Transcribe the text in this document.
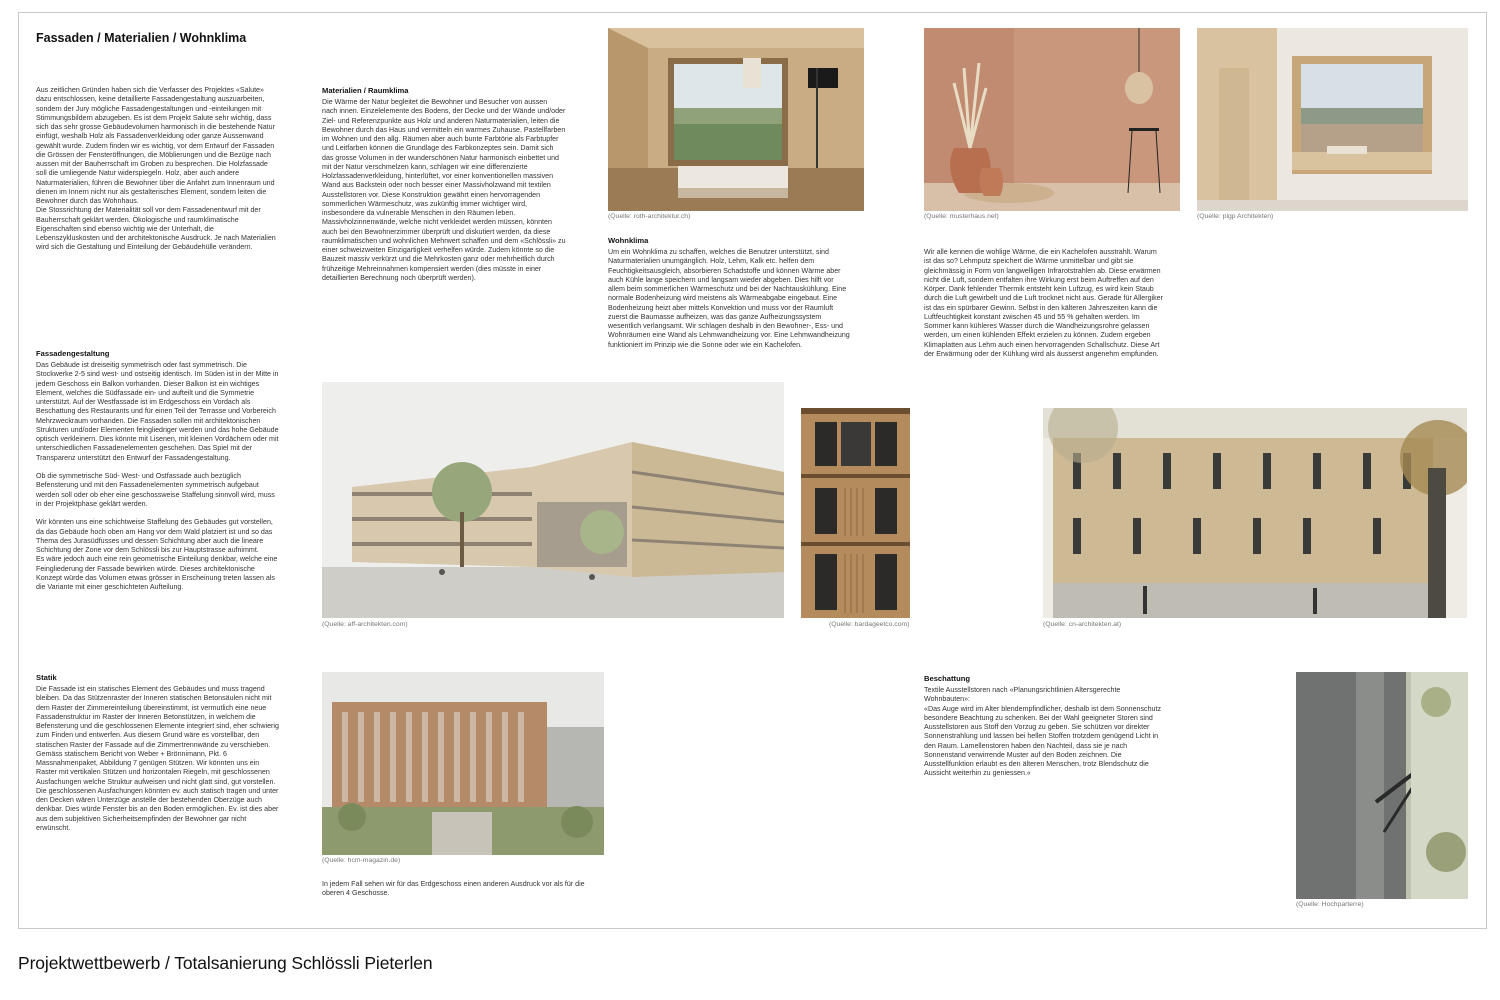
Fassaden / Materialien / Wohnklima
Aus zeitlichen Gründen haben sich die Verfasser des Projektes «Salute»
dazu entschlossen, keine detaillierte Fassadengestaltung auszuarbeiten,
sondern der Jury mögliche Fassadengestaltungen und -einteilungen mit
Stimmungsbildern abzugeben. Es ist dem Projekt Salute sehr wichtig, dass
sich das sehr grosse Gebäudevolumen harmonisch in die bestehende Natur
einfügt, weshalb Holz als Fassadenverkleidung oder ganze Aussenwand
gewählt wurde. Zudem finden wir es wichtig, vor dem Entwurf der Fassaden
die Grössen der Fensteröffnungen, die Möblierungen und die Bezüge nach
aussen mit der Bauherrschaft im Groben zu besprechen. Die Holzfassade
soll die umliegende Natur widerspiegeln. Holz, aber auch andere
Naturmaterialien, führen die Bewohner über die Anfahrt zum Innenraum und
dienen im Innern nicht nur als gestalterisches Element, sondern leiten die
Bewohner durch das Wohnhaus.
Die Stossrichtung der Materialität soll vor dem Fassadenentwurf mit der
Bauherrschaft geklärt werden. Ökologische und raumklimatische
Eigenschaften sind ebenso wichtig wie der Unterhalt, die
Lebenszykluskosten und der architektonische Ausdruck. Je nach Materialien
wird sich die Gestaltung und Einteilung der Gebäudehülle verändern.
Fassadengestaltung
Das Gebäude ist dreiseitig symmetrisch oder fast symmetrisch. Die
Stockwerke 2-5 sind west- und ostseitig identisch. Im Süden ist in der Mitte in
jedem Geschoss ein Balkon vorhanden. Dieser Balkon ist ein wichtiges
Element, welches die Südfassade ein- und aufteilt und die Symmetrie
unterstützt. Auf der Westfassade ist im Erdgeschoss ein Vordach als
Beschattung des Restaurants und für einen Teil der Terrasse und Vorbereich
Mehrzweckraum vorhanden. Die Fassaden sollen mit architektonischen
Strukturen und/oder Elementen feingliedriger werden und das hohe Gebäude
optisch verkleinern. Dies könnte mit Lisenen, mit kleinen Vordächern oder mit
unterschiedlichen Fassadenelementen geschehen. Das Spiel mit der
Transparenz unterstützt den Entwurf der Fassadengestaltung.

Ob die symmetrische Süd- West- und Ostfassade auch bezüglich
Befensterung und mit den Fassadenelementen symmetrisch aufgebaut
werden soll oder ob eher eine geschossweise Staffelung sinnvoll wird, muss
in der Projektphase geklärt werden.

Wir könnten uns eine schichtweise Staffelung des Gebäudes gut vorstellen,
da das Gebäude hoch oben am Hang vor dem Wald platziert ist und so das
Thema des Jurasüdfusses und dessen Schichtung aber auch die lineare
Schichtung der Zone vor dem Schlössli bis zur Hauptstrasse aufnimmt.
Es wäre jedoch auch eine rein geometrische Einteilung denkbar, welche eine
Feingliederung der Fassade bewirken würde. Dieses architektonische
Konzept würde das Volumen etwas grösser in Erscheinung treten lassen als
die Variante mit einer geschichteten Aufteilung.
Statik
Die Fassade ist ein statisches Element des Gebäudes und muss tragend
bleiben. Da das Stützenraster der Inneren statischen Betonsäulen nicht mit
dem Raster der Zimmereinteilung übereinstimmt, ist vermutlich eine neue
Fassadenstruktur im Raster der Inneren Betonstützen, in welchem die
Befensterung und die geschlossenen Elemente integriert sind, eher schwierig
zum Finden und entwerfen. Aus diesem Grund wäre es vorstellbar, den
statischen Raster der Fassade auf die Zimmertrennwände zu verschieben.
Gemäss statischem Bericht von Weber + Brönnimann, Pkt. 6
Massnahmenpaket, Abbildung 7 genügen Stützen. Wir könnten uns ein
Raster mit vertikalen Stützen und horizontalen Riegeln, mit geschlossenen
Ausfachungen welche Struktur aufweisen und nicht glatt sind, gut vorstellen.
Die geschlossenen Ausfachungen könnten ev. auch statisch tragen und unter
den Decken wären Unterzüge anstelle der bestehenden Oberzüge auch
denkbar. Dies würde Fenster bis an den Boden ermöglichen. Ev. ist dies aber
aus dem subjektiven Sicherheitsempfinden der Bewohner gar nicht
erwünscht.
Materialien / Raumklima
Die Wärme der Natur begleitet die Bewohner und Besucher von aussen
nach innen. Einzelelemente des Bodens, der Decke und der Wände und/oder
Ziel- und Referenzpunkte aus Holz und anderen Naturmaterialien, leiten die
Bewohner durch das Haus und vermitteln ein warmes Zuhause. Pastellfarben
im Wohnen und den allg. Räumen aber auch bunte Farbtöne als Farbtupfer
und Leitfarben können die Grundlage des Farbkonzeptes sein. Damit sich
das grosse Volumen in der wunderschönen Natur harmonisch einbettet und
mit der Natur verschmelzen kann, schlagen wir eine differenzierte
Holzfassadenverkleidung, hinterlüftet, vor einer konventionellen massiven
Wand aus Backstein oder noch besser einer Massivholzwand mit textilen
Ausstellstoren vor. Diese Konstruktion gewährt einen hervorragenden
sommerlichen Wärmeschutz, was zukünftig immer wichtiger wird,
insbesondere da vulnerable Menschen in den Räumen leben.
Massivholzinnenwände, welche nicht verkleidet werden müssen, könnten
auch bei den Bewohnerzimmer überprüft und diskutiert werden, da diese
raumklimatischen und wohnlichen Mehrwert schaffen und dem «Schlössli» zu
einer schweizweiten Einzigartigkeit verhelfen würde. Zudem könnte so die
Bauzeit massiv verkürzt und die Mehrkosten ganz oder mehrheitlich durch
frühzeitige Mehreinnahmen kompensiert werden (dies müsste in einer
detaillierten Berechnung noch überprüft werden).
Wohnklima
Um ein Wohnklima zu schaffen, welches die Benutzer unterstützt, sind
Naturmaterialien unumgänglich. Holz, Lehm, Kalk etc. helfen dem
Feuchtigkeitsausgleich, absorbieren Schadstoffe und können Wärme aber
auch Kühle lange speichern und langsam wieder abgeben. Dies hilft vor
allem beim sommerlichen Wärmeschutz und bei der Nachtauskühlung. Eine
normale Bodenheizung wird meistens als Wärmeabgabe eingebaut. Eine
Bodenheizung heizt aber mittels Konvektion und muss vor der Raumluft
zuerst die Baumasse aufheizen, was das ganze Aufheizungssystem
wesentlich verlangsamt. Wir schlagen deshalb in den Bewohner-, Ess- und
Wohnräumen eine Wand als Lehmwandheizung vor. Eine Lehmwandheizung
funktioniert im Prinzip wie die Sonne oder wie ein Kachelofen.
Wir alle kennen die wohlige Wärme, die ein Kachelofen ausstrahlt. Warum
ist das so? Lehmputz speichert die Wärme unmittelbar und gibt sie
gleichmässig in Form von langwelligen Infrarotstrahlen ab. Diese erwärmen
nicht die Luft, sondern entfalten ihre Wirkung erst beim Auftreffen auf den
Körper. Dank fehlender Thermik entsteht kein Luftzug, es wird kein Staub
durch die Luft gewirbelt und die Luft trocknet nicht aus. Gerade für Allergiker
ist das ein spürbarer Gewinn. Selbst in den kälteren Jahreszeiten kann die
Luftfeuchtigkeit konstant zwischen 45 und 55 % gehalten werden. Im
Sommer kann kühleres Wasser durch die Wandheizungsrohre gelassen
werden, um einen kühlenden Effekt erzielen zu können. Zudem ergeben
Klimaplatten aus Lehm auch einen hervorragenden Schallschutz. Diese Art
der Erwärmung oder der Kühlung wird als äusserst angenehm empfunden.
Beschattung
Textile Ausstellstoren nach «Planungsrichtlinien Altersgerechte
Wohnbauten»:
«Das Auge wird im Alter blendempfindlicher, deshalb ist dem Sonnenschutz
besondere Beachtung zu schenken. Bei der Wahl geeigneter Storen sind
Ausstellstoren aus Stoff den Vorzug zu geben. Sie schützen vor direkter
Sonnenstrahlung und lassen bei hellen Stoffen trotzdem genügend Licht in
den Raum. Lamellenstoren haben den Nachteil, dass sie je nach
Sonnenstand verwirrende Muster auf den Boden zeichnen. Die
Ausstellfunktion erlaubt es den älteren Menschen, trotz Blendschutz die
Aussicht weiterhin zu geniessen.«
(Quelle: roth-architektur.ch)	(Quelle: musterhaus.net)	(Quelle: plgp Architekten)
(Quelle: aff-architekten.com)	(Quelle: bardageetco.com)	(Quelle: cn-architekten.at)
(Quelle: hcm-magazin.de)
In jedem Fall sehen wir für das Erdgeschoss einen anderen Ausdruck vor als für die
oberen 4 Geschosse.
(Quelle: Hochparterre)
Projektwettbewerb / Totalsanierung Schlössli Pieterlen
